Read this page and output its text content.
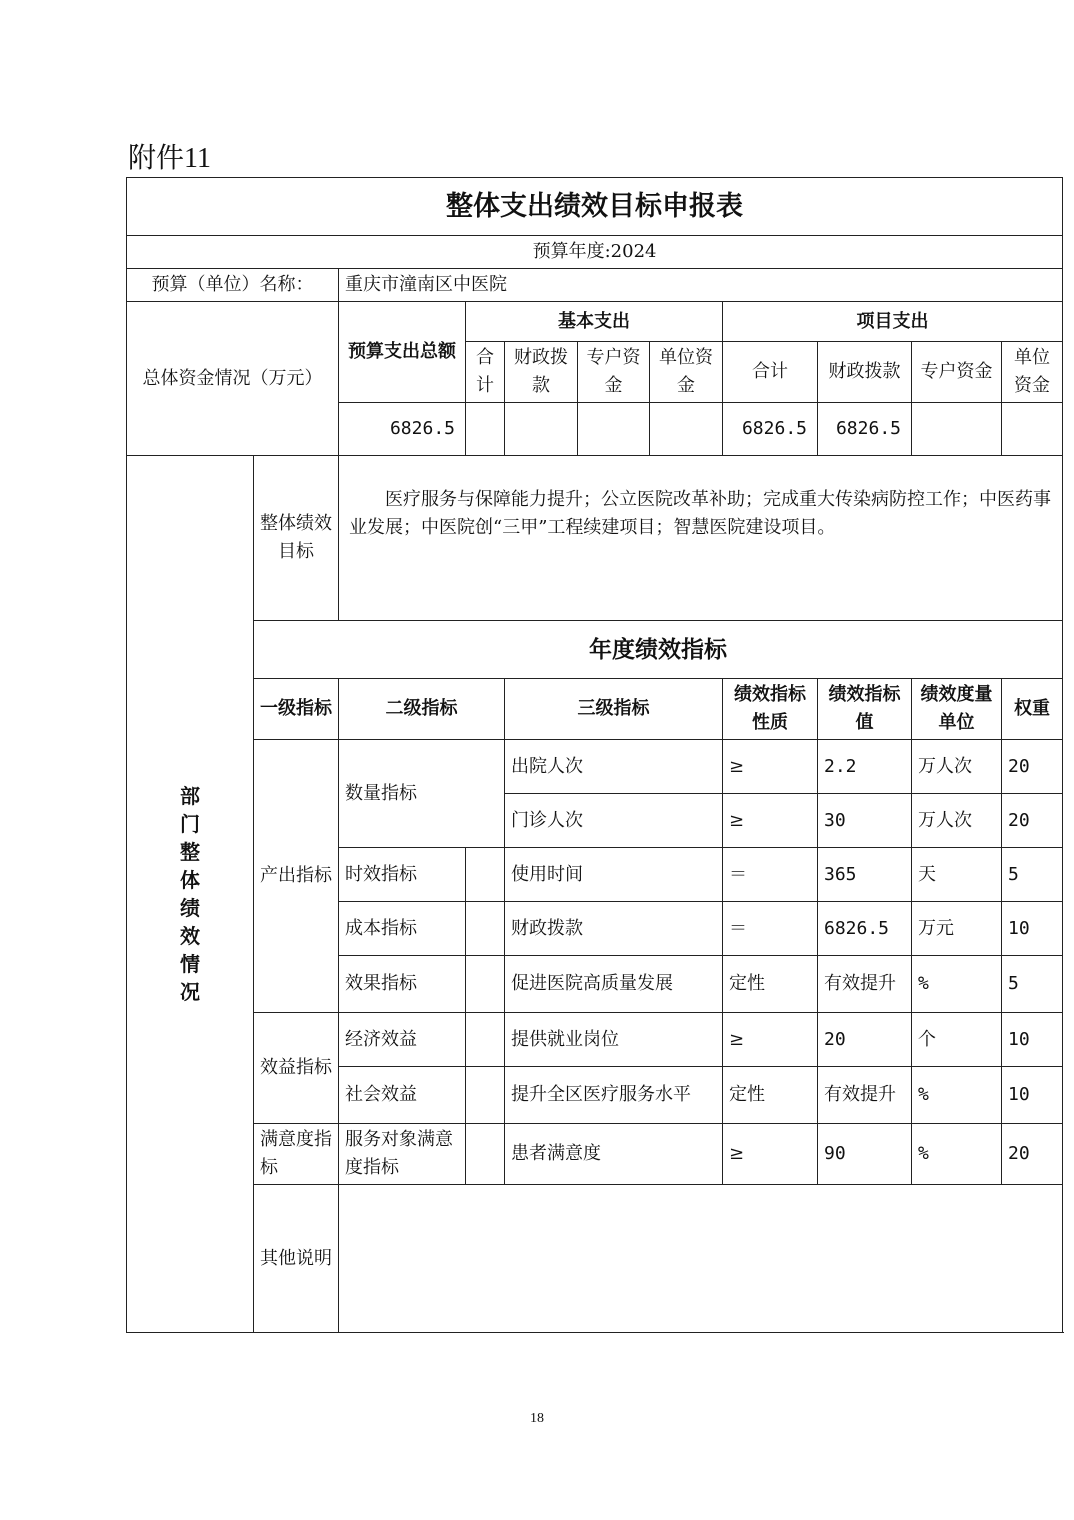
附件11
整体支出绩效目标申报表										
预算年度:2024										
预算（单位）名称：		重庆市潼南区中医院								
总体资金情况（万元）		预算支出总额	基本支出				项目支出			
			合计	财政拨款	专户资金	单位资金	合计	财政拨款	专户资金	单位资金
		6826.5					6826.5	6826.5		

部门整体绩效情况	整体绩效目标	医疗服务与保障能力提升；公立医院改革补助；完成重大传染病防控工作；中医药事业发展；中医院创“三甲”工程续建项目；智慧医院建设项目。								
	年度绩效指标									
	一级指标	二级指标		三级指标			绩效指标性质	绩效指标值	绩效度量单位	权重
	产出指标	数量指标		出院人次			≥	2.2	万人次	20
				门诊人次			≥	30	万人次	20
		时效指标		使用时间			＝	365	天	5
		成本指标		财政拨款			＝	6826.5	万元	10
		效果指标		促进医院高质量发展			定性	有效提升	%	5
	效益指标	经济效益		提供就业岗位			≥	20	个	10
		社会效益		提升全区医疗服务水平			定性	有效提升	%	10
	满意度指标	服务对象满意度指标		患者满意度			≥	90	%	20
	其他说明									
18
